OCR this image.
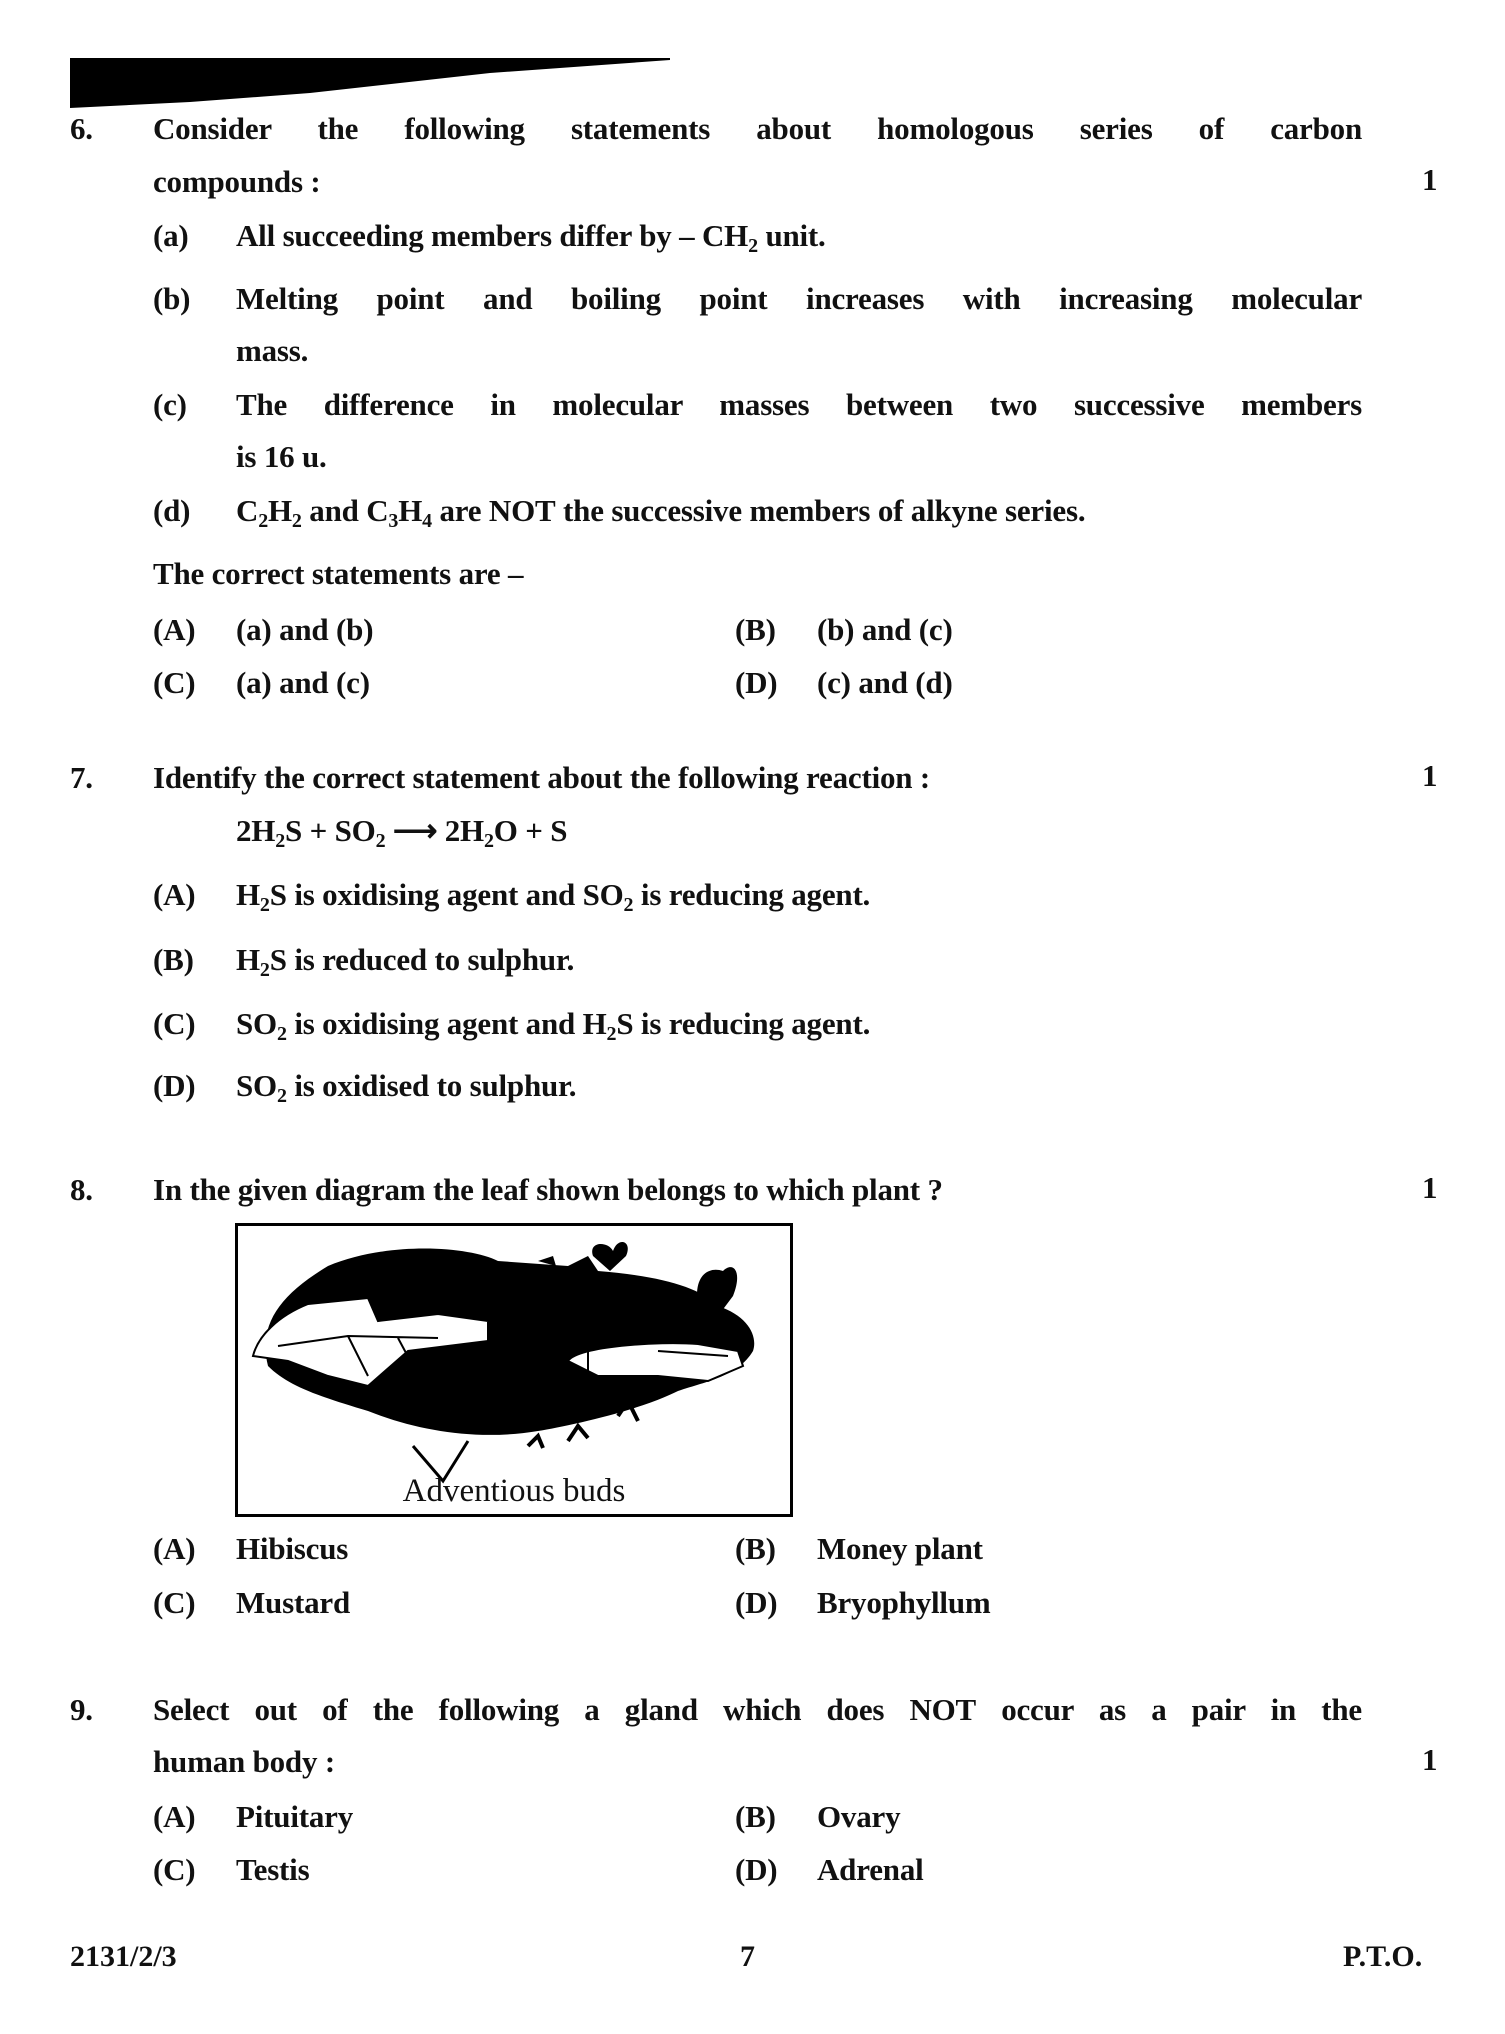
6. Consider the following statements about homologous series of carbon
compounds :	1
(a) All succeeding members differ by – $CH_2$ unit.
(b) Melting point and boiling point increases with increasing molecular
mass.
(c) The difference in molecular masses between two successive members
is 16 u.
(d) $C_2H_2$ and $C_3H_4$ are NOT the successive members of alkyne series.
The correct statements are –
(A) (a) and (b)	(B) (b) and (c)
(C) (a) and (c)	(D) (c) and (d)
7. Identify the correct statement about the following reaction :	1
$2H_2S + SO_2$ ⟶ $2H_2O + S$
(A) $H_2S$ is oxidising agent and $SO_2$ is reducing agent.
(B) $H_2S$ is reduced to sulphur.
(C) $SO_2$ is oxidising agent and $H_2S$ is reducing agent.
(D) $SO_2$ is oxidised to sulphur.
8. In the given diagram the leaf shown belongs to which plant ?	1
(A) Hibiscus	(B) Money plant
(C) Mustard	(D) Bryophyllum
9. Select out of the following a gland which does NOT occur as a pair in the
human body :	1
(A) Pituitary	(B) Ovary
(C) Testis	(D) Adrenal
Adventious buds
2131/2/3	7	P.T.O.
